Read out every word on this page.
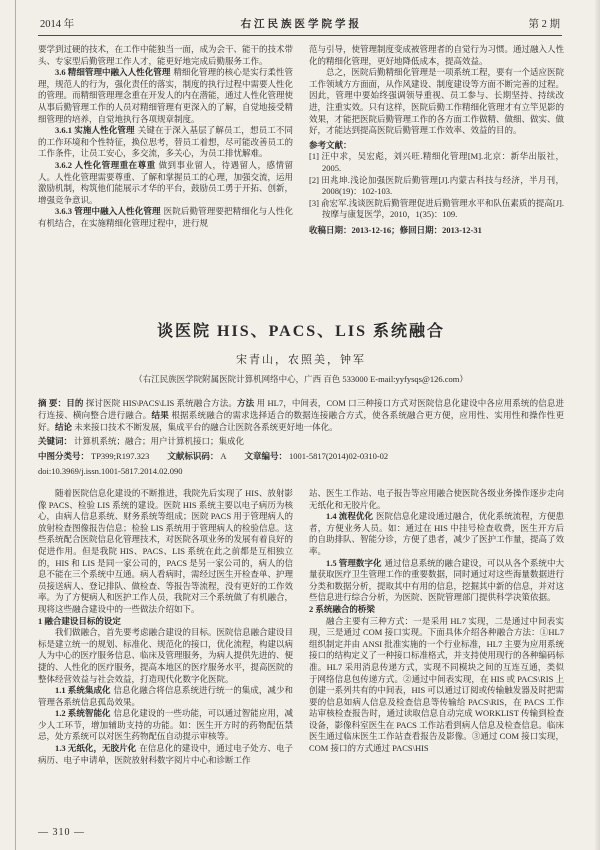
2014 年	右江民族医学院学报	第 2 期

要学到过硬的技术，在工作中能独当一面，成为会干、能干的技术带头、专家型后勤管理工作人才，能更好地完成后勤服务工作。

3.6 精细管理中融入人性化管理 精细化管理的核心是实行柔性管理，规范人的行为，强化责任的落实，制度的执行过程中需要人性化的管理。而精细管理理念重在开发人的内在潜能，通过人性化管理使从事后勤管理工作的人员对精细管理有更深入的了解，自觉地接受精细管理的培养，自觉地执行各项规章制度。

3.6.1 实施人性化管理 关键在于深入基层了解员工，想员工不同的工作环境和个性特征，换位思考，替员工着想，尽可能改善员工的工作条件，让员工安心，多交流，多关心，为员工排忧解难。

3.6.2 人性化管理重在尊重 做到事业留人，待遇留人，感情留人。人性化管理需要尊重、了解和掌握员工的心理，加强交流，运用激励机制，构筑他们能展示才华的平台，鼓励员工勇于开拓、创新，增强竞争意识。

3.6.3 管理中融入人性化管理 医院后勤管理要把精细化与人性化有机结合，在实施精细化管理过程中，进行规

范与引导，使管理制度变成被管理者的自觉行为习惯。通过融入人性化的精细化管理，更好地降低成本，提高效益。

总之，医院后勤精细化管理是一项系统工程，要有一个适应医院工作领域方方面面，从作风建设、制度建设等方面不断完善的过程。因此，管理中要始终强调领导重视、员工参与、长期坚持、持续改进，注重实效。只有这样，医院后勤工作精细化管理才有立竿见影的效果，才能把医院后勤管理工作的各方面工作做精、做细、做实、做好，才能达到提高医院后勤管理工作效率、效益的目的。

参考文献：

[1] 汪中求，吴宏彪，刘兴旺.精细化管理[M].北京：新华出版社，2005.

[2] 田兆坤.浅论加强医院后勤管理[J].内蒙古科技与经济，半月刊，2008(19)：102-103.

[3] 俞宏军.浅谈医院后勤管理促进后勤管理水平和队伍素质的提高[J].按摩与康复医学，2010，1(35)：109.

收稿日期：2013-12-16；修回日期：2013-12-31

谈医院 HIS、PACS、LIS 系统融合
宋青山，农照美，钟军
（右江民族医学院附属医院计算机网络中心，广西 百色 533000 E-mail:yyfysqs@126.com）

摘 要：目的 探讨医院 HIS\PACS\LIS 系统融合方法。方法 用 HL7，中间表，COM 口三种接口方式对医院信息化建设中各应用系统的信息进行连接、横向整合进行融合。结果 根据系统融合的需求选择适合的数据连接融合方式，使各系统融合更方便，应用性、实用性和操作性更好。结论 未来接口技术不断发展，集成平台的融合让医院各系统更好地一体化。

关键词： 计算机系统；融合；用户计算机接口；集成化

中图分类号： TP399;R197.323 文献标识码： A 文章编号： 1001-5817(2014)02-0310-02

doi:10.3969/j.issn.1001-5817.2014.02.090

随着医院信息化建设的不断推进，我院先后实现了 HIS、放射影像 PACS、检验 LIS 系统的建设。医院 HIS 系统主要以电子病历为核心，由病人信息系统、财务系统等组成；医院 PACS 用于管理病人的放射检查图像报告信息；检验 LIS 系统用于管理病人的检验信息。这些系统配合医院信息化管理技术，对医院各项业务的发展有着良好的促进作用。但是我院 HIS、PACS、LIS 系统在此之前都是互相独立的，HIS 和 LIS 是同一家公司的，PACS 是另一家公司的，病人的信息不能在三个系统中互通。病人看病时，需经过医生开检查单、护理员接送病人、登记排队、做检查、等报告等流程，没有更好的工作效率。为了方便病人和医护工作人员，我院对三个系统做了有机融合，现将这些融合建设中的一些做法介绍如下。

1 融合建设目标的设定

我们做融合，首先要考虑融合建设的目标。医院信息融合建设目标是建立统一的规划、标准化、规范化的接口，优化流程，构建以病人为中心的医疗服务信息、临床及管理服务，为病人提供先进的、便捷的、人性化的医疗服务，提高本地区的医疗服务水平，提高医院的整体经营效益与社会效益，打造现代化数字化医院。

1.1 系统集成化 信息化融合将信息系统进行统一的集成，减少和管理各系统信息孤岛效果。

1.2 系统智能化 信息化建设的一些功能，可以通过智能应用，减少人工环节，增加辅助支持的功能。如：医生开方时的药物配伍禁忌，处方系统可以对医生药物配伍自动提示审核等。

1.3 无纸化，无胶片化 在信息化的建设中，通过电子处方、电子病历、电子申请单，医院放射科数字阅片中心和诊断工作

站、医生工作站、电子报告等应用融合使医院各级业务操作逐步走向无纸化和无胶片化。

1.4 流程优化 医院信息化建设通过融合，优化系统流程，方便患者，方便业务人员。如：通过在 HIS 中挂号检查收费，医生开方后的自助排队、智能分诊，方便了患者，减少了医护工作量，提高了效率。

1.5 管理数字化 通过信息系统的融合建设，可以从各个系统中大量获取医疗卫生管理工作的重要数据，同时通过对这些海量数据进行分类和数据分析，提取其中有用的信息，挖掘其中新的信息，并对这些信息进行综合分析，为医院、医院管理部门提供科学决策依据。

2 系统融合的桥梁

融合主要有三种方式：一是采用 HL7 实现，二是通过中间表实现，三是通过 COM 接口实现。下面具体介绍各种融合方法：①HL7 组织制定并由 ANSI 批准实施的一个行业标准，HL7 主要为应用系统接口的结构定义了一种接口标准格式，并支持使用现行的各种编码标准。HL7 采用消息传递方式，实现不同模块之间的互连互通，类似于网络信息包传递方式。②通过中间表实现，在 HIS 或 PACS\RIS 上创建一系列共有的中间表，HIS 可以通过订阅或传输触发器及时把需要的信息如病人信息及检查信息等传输给 PACS\RIS，在 PACS 工作站审核检查报告时，通过读取信息自动完成 WORKLIST 传输到检查设备，影像科室医生在 PACS 工作站看到病人信息及检查信息。临床医生通过临床医生工作站查看报告及影像。③通过 COM 接口实现，COM 接口的方式通过 PACS\HIS

— 310 —
